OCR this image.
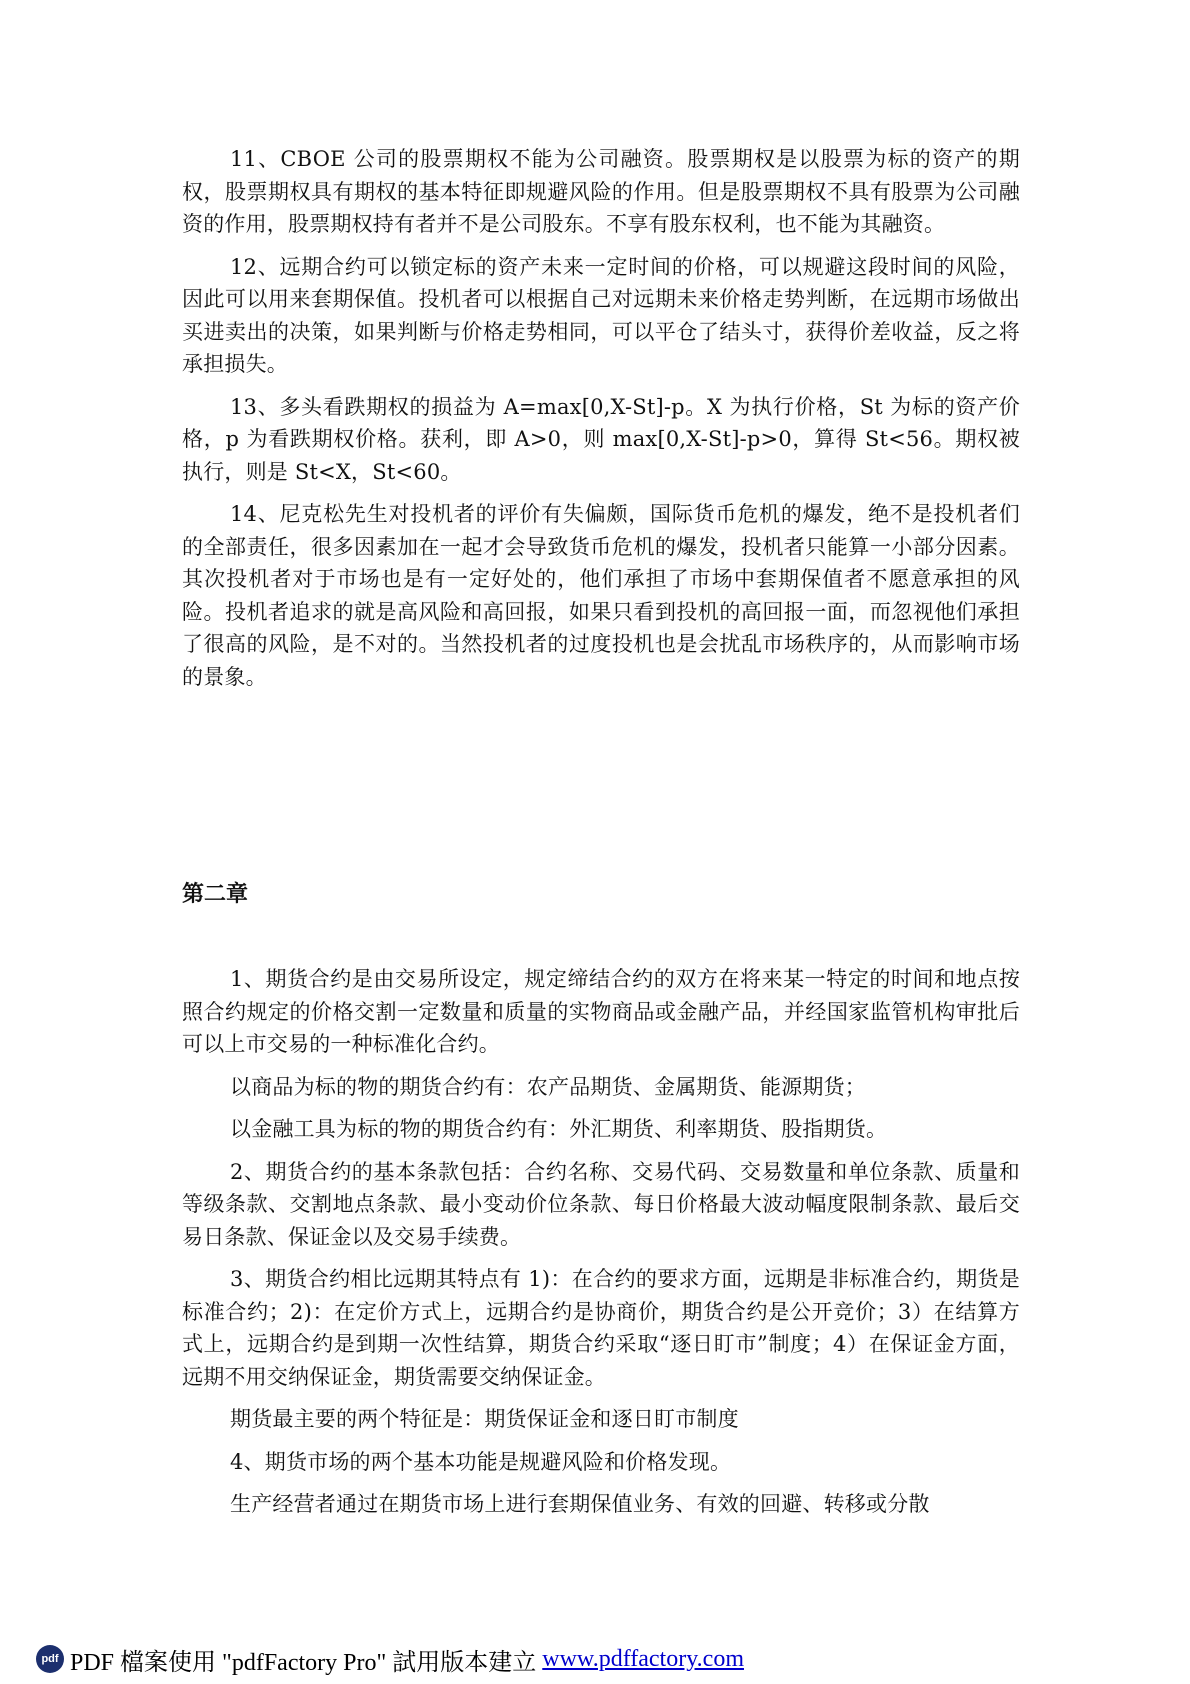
11、CBOE 公司的股票期权不能为公司融资。股票期权是以股票为标的资产的期权，股票期权具有期权的基本特征即规避风险的作用。但是股票期权不具有股票为公司融资的作用，股票期权持有者并不是公司股东。不享有股东权利，也不能为其融资。

12、远期合约可以锁定标的资产未来一定时间的价格，可以规避这段时间的风险，因此可以用来套期保值。投机者可以根据自己对远期未来价格走势判断，在远期市场做出买进卖出的决策，如果判断与价格走势相同，可以平仓了结头寸，获得价差收益，反之将承担损失。

13、多头看跌期权的损益为 A=max[0,X-St]-p。X 为执行价格，St 为标的资产价格，p 为看跌期权价格。获利，即 A>0，则 max[0,X-St]-p>0，算得 St<56。期权被执行，则是 St<X，St<60。

14、尼克松先生对投机者的评价有失偏颇，国际货币危机的爆发，绝不是投机者们的全部责任，很多因素加在一起才会导致货币危机的爆发，投机者只能算一小部分因素。其次投机者对于市场也是有一定好处的，他们承担了市场中套期保值者不愿意承担的风险。投机者追求的就是高风险和高回报，如果只看到投机的高回报一面，而忽视他们承担了很高的风险，是不对的。当然投机者的过度投机也是会扰乱市场秩序的，从而影响市场的景象。

第二章

1、期货合约是由交易所设定，规定缔结合约的双方在将来某一特定的时间和地点按照合约规定的价格交割一定数量和质量的实物商品或金融产品，并经国家监管机构审批后可以上市交易的一种标准化合约。

以商品为标的物的期货合约有：农产品期货、金属期货、能源期货；

以金融工具为标的物的期货合约有：外汇期货、利率期货、股指期货。

2、期货合约的基本条款包括：合约名称、交易代码、交易数量和单位条款、质量和等级条款、交割地点条款、最小变动价位条款、每日价格最大波动幅度限制条款、最后交易日条款、保证金以及交易手续费。

3、期货合约相比远期其特点有 1)：在合约的要求方面，远期是非标准合约，期货是标准合约；2)：在定价方式上，远期合约是协商价，期货合约是公开竞价；3）在结算方式上，远期合约是到期一次性结算，期货合约采取“逐日盯市”制度；4）在保证金方面，远期不用交纳保证金，期货需要交纳保证金。

期货最主要的两个特征是：期货保证金和逐日盯市制度

4、期货市场的两个基本功能是规避风险和价格发现。

生产经营者通过在期货市场上进行套期保值业务、有效的回避、转移或分散

pdf PDF 檔案使用 "pdfFactory Pro" 試用版本建立 www.pdffactory.com
